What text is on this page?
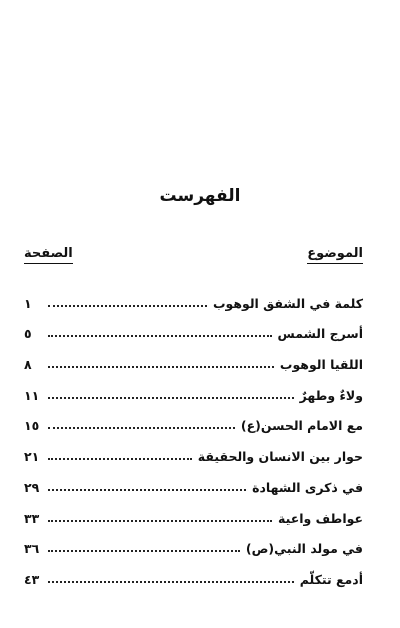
الفهرست
الموضوع
الصفحة
كلمة في الشفق الوهوب
١
أسرج الشمس
٥
اللقيا الوهوب
٨
ولاءٌ وطهرٌ
١١
مع الامام الحسن(ع)
١٥
حوار بين الانسان والحقيقة
٢١
في ذكرى الشهادة
٢٩
عواطف واعية
٣٣
في مولد النبي(ص)
٣٦
أدمع تتكلّم
٤٣
